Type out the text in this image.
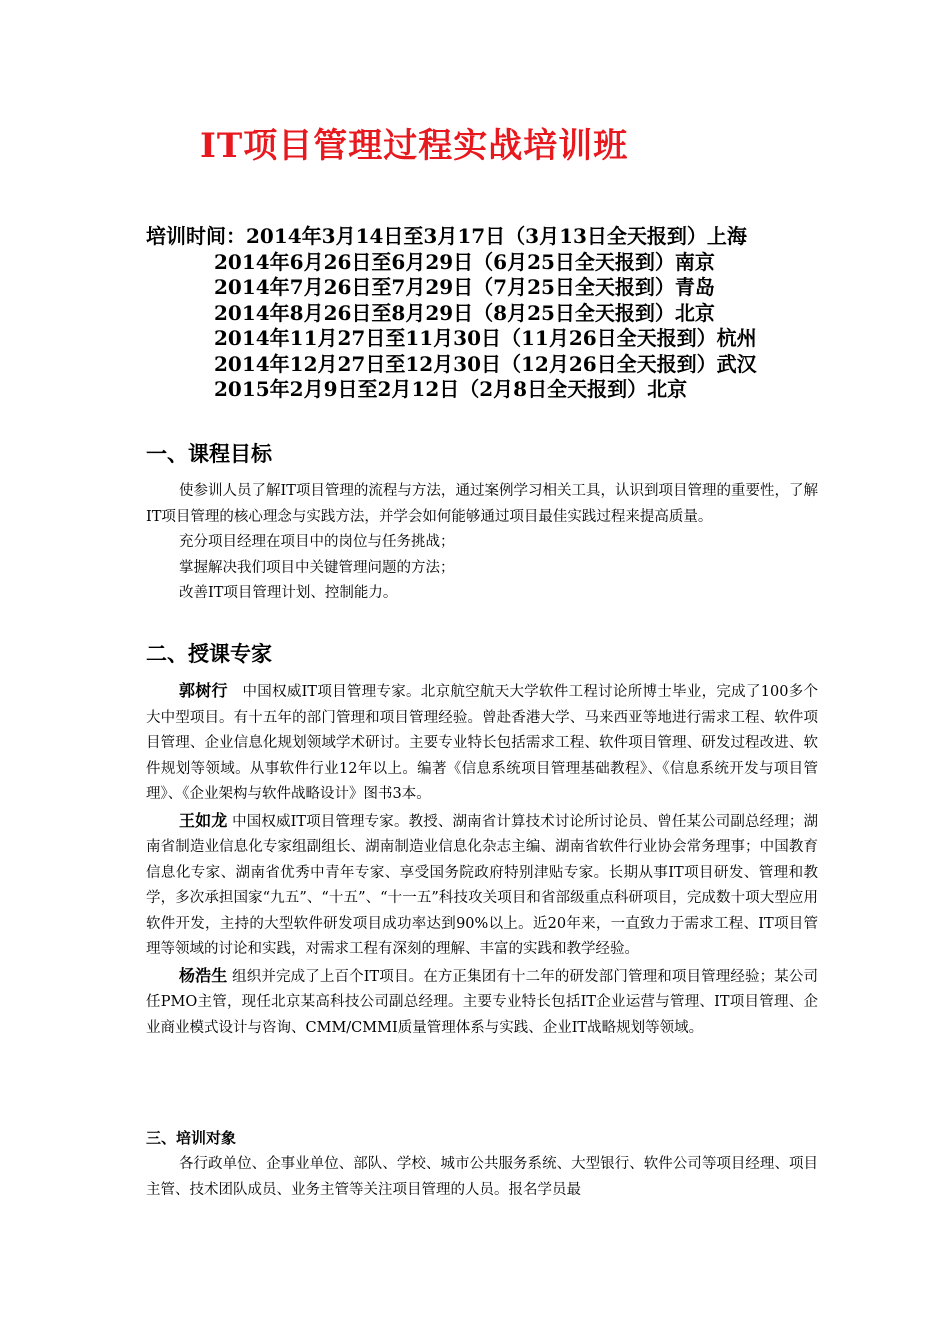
IT项目管理过程实战培训班
培训时间：2014年3月14日至3月17日（3月13日全天报到）上海
2014年6月26日至6月29日（6月25日全天报到）南京
2014年7月26日至7月29日（7月25日全天报到）青岛
2014年8月26日至8月29日（8月25日全天报到）北京
2014年11月27日至11月30日（11月26日全天报到）杭州
2014年12月27日至12月30日（12月26日全天报到）武汉
2015年2月9日至2月12日（2月8日全天报到）北京
一、课程目标
使参训人员了解IT项目管理的流程与方法，通过案例学习相关工具，认识到项目管理的重要性，了解IT项目管理的核心理念与实践方法，并学会如何能够通过项目最佳实践过程来提高质量。
充分项目经理在项目中的岗位与任务挑战；
掌握解决我们项目中关键管理问题的方法；
改善IT项目管理计划、控制能力。
二、授课专家
郭树行 中国权威IT项目管理专家。北京航空航天大学软件工程讨论所博士毕业，完成了100多个大中型项目。有十五年的部门管理和项目管理经验。曾赴香港大学、马来西亚等地进行需求工程、软件项目管理、企业信息化规划领域学术研讨。主要专业特长包括需求工程、软件项目管理、研发过程改进、软件规划等领域。从事软件行业12年以上。编著《信息系统项目管理基础教程》、《信息系统开发与项目管理》、《企业架构与软件战略设计》图书3本。
王如龙 中国权威IT项目管理专家。教授、湖南省计算技术讨论所讨论员、曾任某公司副总经理；湖南省制造业信息化专家组副组长、湖南制造业信息化杂志主编、湖南省软件行业协会常务理事；中国教育信息化专家、湖南省优秀中青年专家、享受国务院政府特别津贴专家。长期从事IT项目研发、管理和教学，多次承担国家“九五”、“十五”、“十一五”科技攻关项目和省部级重点科研项目，完成数十项大型应用软件开发，主持的大型软件研发项目成功率达到90%以上。近20年来，一直致力于需求工程、IT项目管理等领域的讨论和实践，对需求工程有深刻的理解、丰富的实践和教学经验。
杨浩生 组织并完成了上百个IT项目。在方正集团有十二年的研发部门管理和项目管理经验；某公司任PMO主管，现任北京某高科技公司副总经理。主要专业特长包括IT企业运营与管理、IT项目管理、企业商业模式设计与咨询、CMM/CMMI质量管理体系与实践、企业IT战略规划等领域。
三、培训对象
各行政单位、企事业单位、部队、学校、城市公共服务系统、大型银行、软件公司等项目经理、项目主管、技术团队成员、业务主管等关注项目管理的人员。报名学员最
